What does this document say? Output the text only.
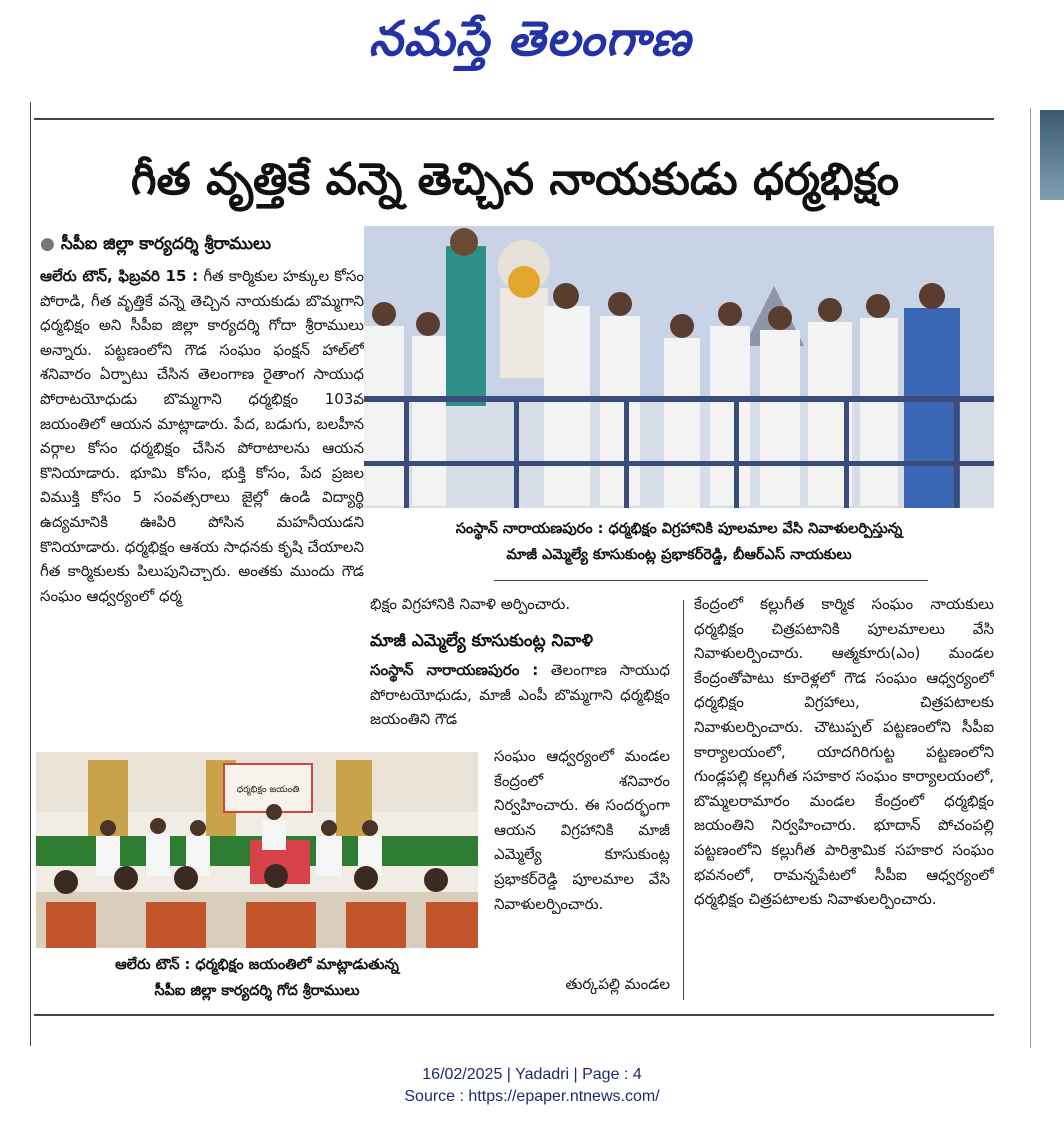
నమస్తే తెలంగాణ
గీత వృత్తికే వన్నె తెచ్చిన నాయకుడు ధర్మభిక్షం
● సీపీఐ జిల్లా కార్యదర్శి శ్రీరాములు

ఆలేరు టౌన్, ఫిబ్రవరి 15 : గీత కార్మికుల హక్కుల కోసం పోరాడి, గీత వృత్తికే వన్నె తెచ్చిన నాయకుడు బొమ్మగాని ధర్మభిక్షం అని సీపీఐ జిల్లా కార్యదర్శి గోదా శ్రీరాములు అన్నారు. పట్టణంలోని గౌడ సంఘం ఫంక్షన్ హాల్‌లో శనివారం ఏర్పాటు చేసిన తెలంగాణ రైతాంగ సాయుధ పోరాటయోధుడు బొమ్మగాని ధర్మభిక్షం 103వ జయంతిలో ఆయన మాట్లాడారు. పేద, బడుగు, బలహీన వర్గాల కోసం ధర్మభిక్షం చేసిన పోరాటాలను ఆయన కొనియాడారు. భూమి కోసం, భుక్తి కోసం, పేద ప్రజల విముక్తి కోసం 5 సంవత్సరాలు జైల్లో ఉండి విద్యార్థి ఉద్యమానికి ఊపిరి పోసిన మహనీయుడని కొనియాడారు. ధర్మభిక్షం ఆశయ సాధనకు కృషి చేయాలని గీత కార్మికులకు పిలుపునిచ్చారు. అంతకు ముందు గౌడ సంఘం ఆధ్వర్యంలో ధర్మ

సంస్థాన్ నారాయణపురం : ధర్మభిక్షం విగ్రహానికి పూలమాల వేసి నివాళులర్పిస్తున్న
మాజీ ఎమ్మెల్యే కూసుకుంట్ల ప్రభాకర్‌రెడ్డి, బీఆర్‌ఎస్ నాయకులు

భిక్షం విగ్రహానికి నివాళి అర్పించారు.

మాజీ ఎమ్మెల్యే కూసుకుంట్ల నివాళి

సంస్థాన్ నారాయణపురం : తెలంగాణ సాయుధ పోరాటయోధుడు, మాజీ ఎంపీ బొమ్మగాని ధర్మభిక్షం జయంతిని గౌడ

సంఘం ఆధ్వర్యంలో మండల కేంద్రంలో శనివారం నిర్వహించారు. ఈ సందర్భంగా ఆయన విగ్రహానికి మాజీ ఎమ్మెల్యే కూసుకుంట్ల ప్రభాకర్‌రెడ్డి పూలమాల వేసి నివాళులర్పించారు.

తుర్కపల్లి మండల

కేంద్రంలో కల్లుగీత కార్మిక సంఘం నాయకులు ధర్మభిక్షం చిత్రపటానికి పూలమాలలు వేసి నివాళులర్పించారు. ఆత్మకూరు(ఎం) మండల కేంద్రంతోపాటు కూరెళ్లలో గౌడ సంఘం ఆధ్వర్యంలో ధర్మభిక్షం విగ్రహాలు, చిత్రపటాలకు నివాళులర్పించారు. చౌటుప్పల్ పట్టణంలోని సీపీఐ కార్యాలయంలో, యాదగిరిగుట్ట పట్టణంలోని గుండ్లపల్లి కల్లుగీత సహకార సంఘం కార్యాలయంలో, బొమ్మలరామారం మండల కేంద్రంలో ధర్మభిక్షం జయంతిని నిర్వహించారు. భూదాన్ పోచంపల్లి పట్టణంలోని కల్లుగీత పారిశ్రామిక సహకార సంఘం భవనంలో, రామన్నపేటలో సీపీఐ ఆధ్వర్యంలో ధర్మభిక్షం చిత్రపటాలకు నివాళులర్పించారు.

ధర్మభిక్షం జయంతి
ఆలేరు టౌన్ : ధర్మభిక్షం జయంతిలో మాట్లాడుతున్న
సీపీఐ జిల్లా కార్యదర్శి గోద శ్రీరాములు
16/02/2025 | Yadadri | Page : 4
Source : https://epaper.ntnews.com/
